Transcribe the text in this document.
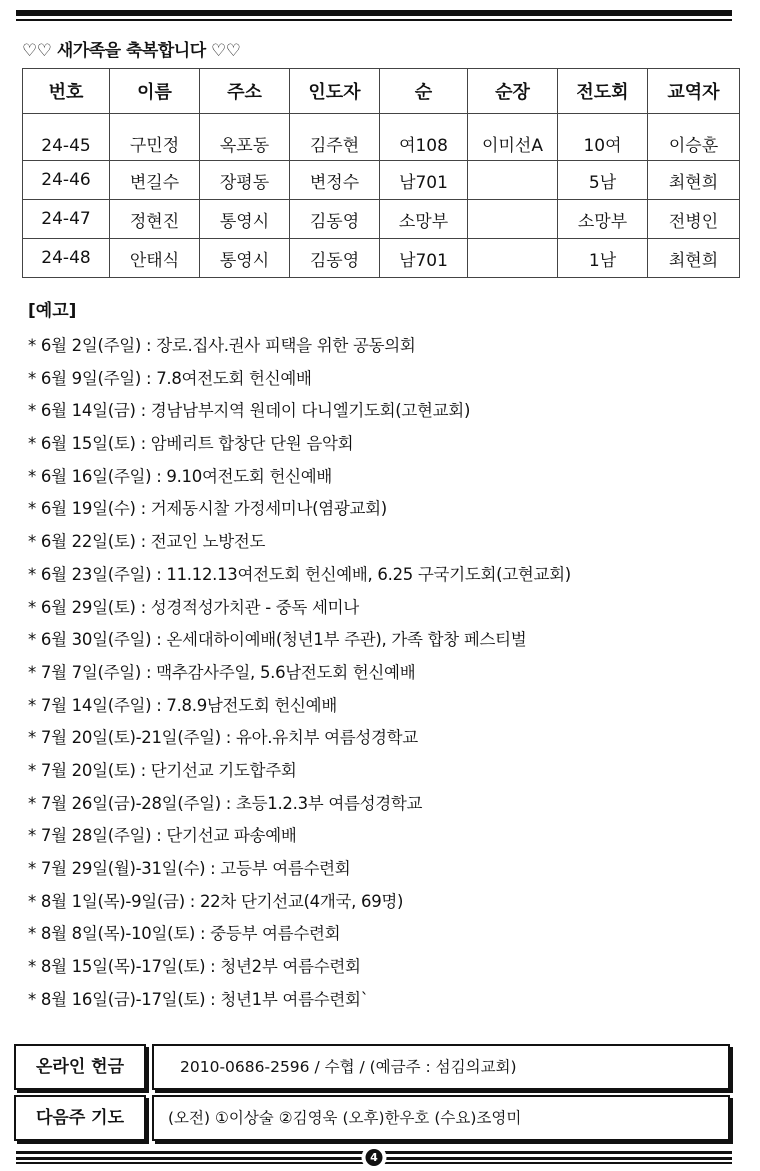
♡♡ 새가족을 축복합니다 ♡♡
번호	이름	주소	인도자	순	순장	전도회	교역자
24-45	구민정	옥포동	김주현	여108	이미선A	10여	이승훈
24-46	변길수	장평동	변정수	남701		5남	최현희
24-47	정현진	통영시	김동영	소망부		소망부	전병인
24-48	안태식	통영시	김동영	남701		1남	최현희
[예고]
* 6월 2일(주일) : 장로.집사.권사 피택을 위한 공동의회
* 6월 9일(주일) : 7.8여전도회 헌신예배
* 6월 14일(금) : 경남남부지역 원데이 다니엘기도회(고현교회)
* 6월 15일(토) : 암베리트 합창단 단원 음악회
* 6월 16일(주일) : 9.10여전도회 헌신예배
* 6월 19일(수) : 거제동시찰 가정세미나(염광교회)
* 6월 22일(토) : 전교인 노방전도
* 6월 23일(주일) : 11.12.13여전도회 헌신예배, 6.25 구국기도회(고현교회)
* 6월 29일(토) : 성경적성가치관 - 중독 세미나
* 6월 30일(주일) : 온세대하이예배(청년1부 주관), 가족 합창 페스티벌
* 7월 7일(주일) : 맥추감사주일, 5.6남전도회 헌신예배
* 7월 14일(주일) : 7.8.9남전도회 헌신예배
* 7월 20일(토)-21일(주일) : 유아.유치부 여름성경학교
* 7월 20일(토) : 단기선교 기도합주회
* 7월 26일(금)-28일(주일) : 초등1.2.3부 여름성경학교
* 7월 28일(주일) : 단기선교 파송예배
* 7월 29일(월)-31일(수) : 고등부 여름수련회
* 8월 1일(목)-9일(금) : 22차 단기선교(4개국, 69명)
* 8월 8일(목)-10일(토) : 중등부 여름수련회
* 8월 15일(목)-17일(토) : 청년2부 여름수련회
* 8월 16일(금)-17일(토) : 청년1부 여름수련회`
온라인 헌금	2010-0686-2596 / 수협 / (예금주 : 섬김의교회)
다음주 기도	(오전) ①이상술 ②김영욱 (오후)한우호 (수요)조영미
4
